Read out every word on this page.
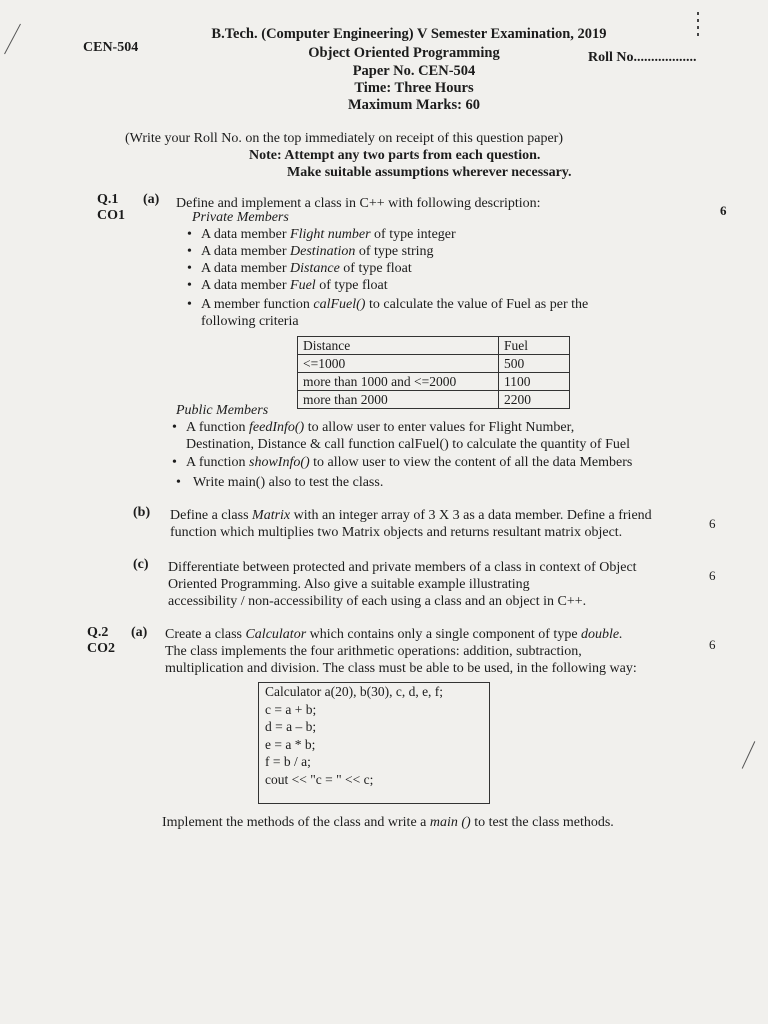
B.Tech. (Computer Engineering) V Semester Examination, 2019
CEN-504	Object Oriented Programming	Roll No..................
Paper No. CEN-504
Time: Three Hours
Maximum Marks: 60
(Write your Roll No. on the top immediately on receipt of this question paper)
Note: Attempt any two parts from each question.
Make suitable assumptions wherever necessary.
Q.1
CO1
(a) Define and implement a class in C++ with following description:	6
Private Members
• A data member Flight number of type integer
• A data member Destination of type string
• A data member Distance of type float
• A data member Fuel of type float
• A member function calFuel() to calculate the value of Fuel as per the
following criteria
Distance	Fuel
<=1000	500
more than 1000 and <=2000	1100
more than 2000	2200
Public Members
• A function feedInfo() to allow user to enter values for Flight Number,
Destination, Distance & call function calFuel() to calculate the quantity of Fuel
• A function showInfo() to allow user to view the content of all the data Members
• Write main() also to test the class.
(b) Define a class Matrix with an integer array of 3 X 3 as a data member. Define a friend
function which multiplies two Matrix objects and returns resultant matrix object.
6
(c) Differentiate between protected and private members of a class in context of Object
Oriented Programming. Also give a suitable example illustrating
accessibility / non-accessibility of each using a class and an object in C++.
6
Q.2
CO2
(a) Create a class Calculator which contains only a single component of type double.
The class implements the four arithmetic operations: addition, subtraction,
multiplication and division. The class must be able to be used, in the following way:
6
Calculator a(20), b(30), c, d, e, f;
c = a + b;
d = a – b;
e = a * b;
f = b / a;
cout << "c = " << c;
Implement the methods of the class and write a main () to test the class methods.
